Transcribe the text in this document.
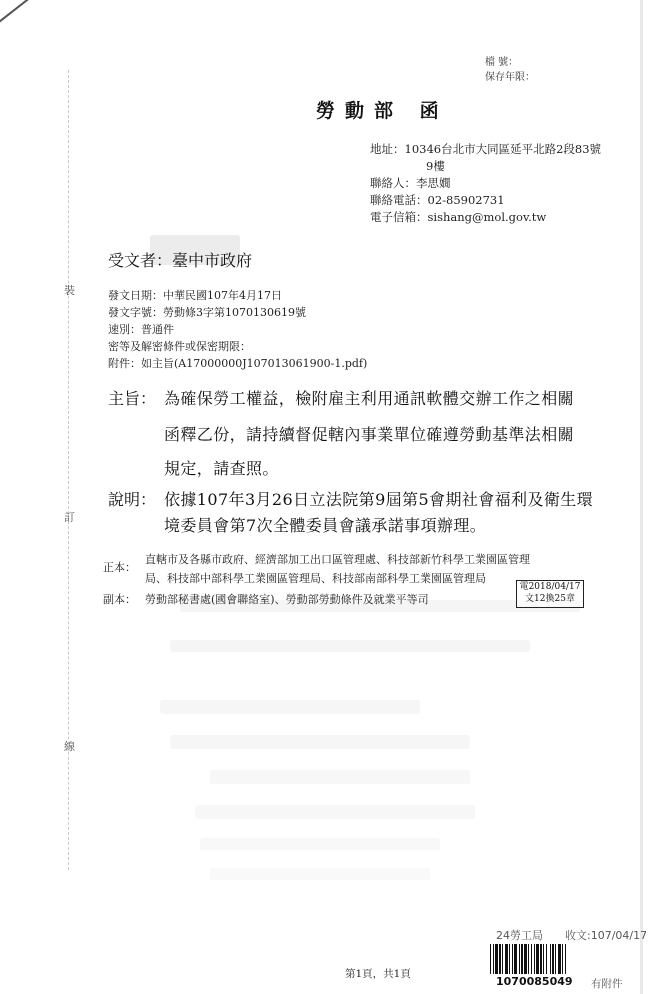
裝
訂
線
檔 號：
保存年限：
勞動部 函
地址：10346台北市大同區延平北路2段83號
9樓
聯絡人：李思嫺
聯絡電話：02-85902731
電子信箱：sishang@mol.gov.tw
受文者：臺中市政府
發文日期：中華民國107年4月17日
發文字號：勞動條3字第1070130619號
速別：普通件
密等及解密條件或保密期限：
附件：如主旨(A17000000J107013061900-1.pdf)
主旨： 為確保勞工權益，檢附雇主利用通訊軟體交辦工作之相關
函釋乙份，請持續督促轄內事業單位確遵勞動基準法相關
規定，請查照。
說明： 依據107年3月26日立法院第9屆第5會期社會福利及衛生環
境委員會第7次全體委員會議承諾事項辦理。
正本：
直轄市及各縣市政府、經濟部加工出口區管理處、科技部新竹科學工業園區管理
局、科技部中部科學工業園區管理局、科技部南部科學工業園區管理局
副本： 勞動部秘書處(國會聯絡室)、勞動部勞動條件及就業平等司
電2018/04/17
文12換25章
24勞工局 收文:107/04/17
第1頁，共1頁
1070085049 有附件
